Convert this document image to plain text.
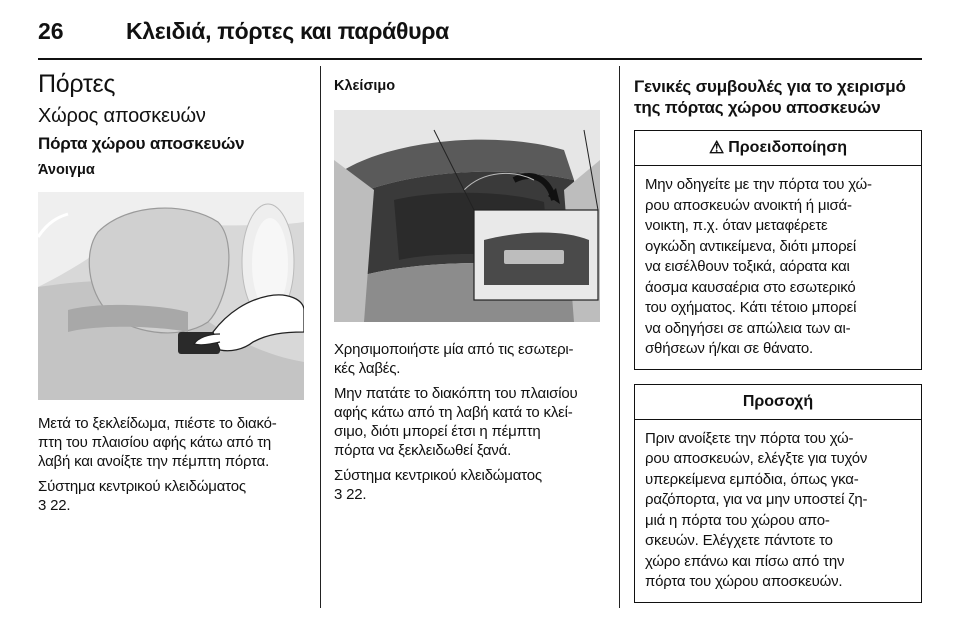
26	Κλειδιά, πόρτες και παράθυρα
Πόρτες
Χώρος αποσκευών
Πόρτα χώρου αποσκευών
Άνοιγμα

Μετά το ξεκλείδωμα, πιέστε το διακό-
πτη του πλαισίου αφής κάτω από τη
λαβή και ανοίξτε την πέμπτη πόρτα.

Σύστημα κεντρικού κλειδώματος
3 22.

Κλείσιμο

Χρησιμοποιήστε μία από τις εσωτερι-
κές λαβές.

Μην πατάτε το διακόπτη του πλαισίου
αφής κάτω από τη λαβή κατά το κλεί-
σιμο, διότι μπορεί έτσι η πέμπτη
πόρτα να ξεκλειδωθεί ξανά.

Σύστημα κεντρικού κλειδώματος
3 22.

Γενικές συμβουλές για το χειρισμό
της πόρτας χώρου αποσκευών

⚠ Προειδοποίηση

Μην οδηγείτε με την πόρτα του χώ-
ρου αποσκευών ανοικτή ή μισά-
νοικτη, π.χ. όταν μεταφέρετε
ογκώδη αντικείμενα, διότι μπορεί
να εισέλθουν τοξικά, αόρατα και
άοσμα καυσαέρια στο εσωτερικό
του οχήματος. Κάτι τέτοιο μπορεί
να οδηγήσει σε απώλεια των αι-
σθήσεων ή/και σε θάνατο.

Προσοχή

Πριν ανοίξετε την πόρτα του χώ-
ρου αποσκευών, ελέγξτε για τυχόν
υπερκείμενα εμπόδια, όπως γκα-
ραζόπορτα, για να μην υποστεί ζη-
μιά η πόρτα του χώρου απο-
σκευών. Ελέγχετε πάντοτε το
χώρο επάνω και πίσω από την
πόρτα του χώρου αποσκευών.
